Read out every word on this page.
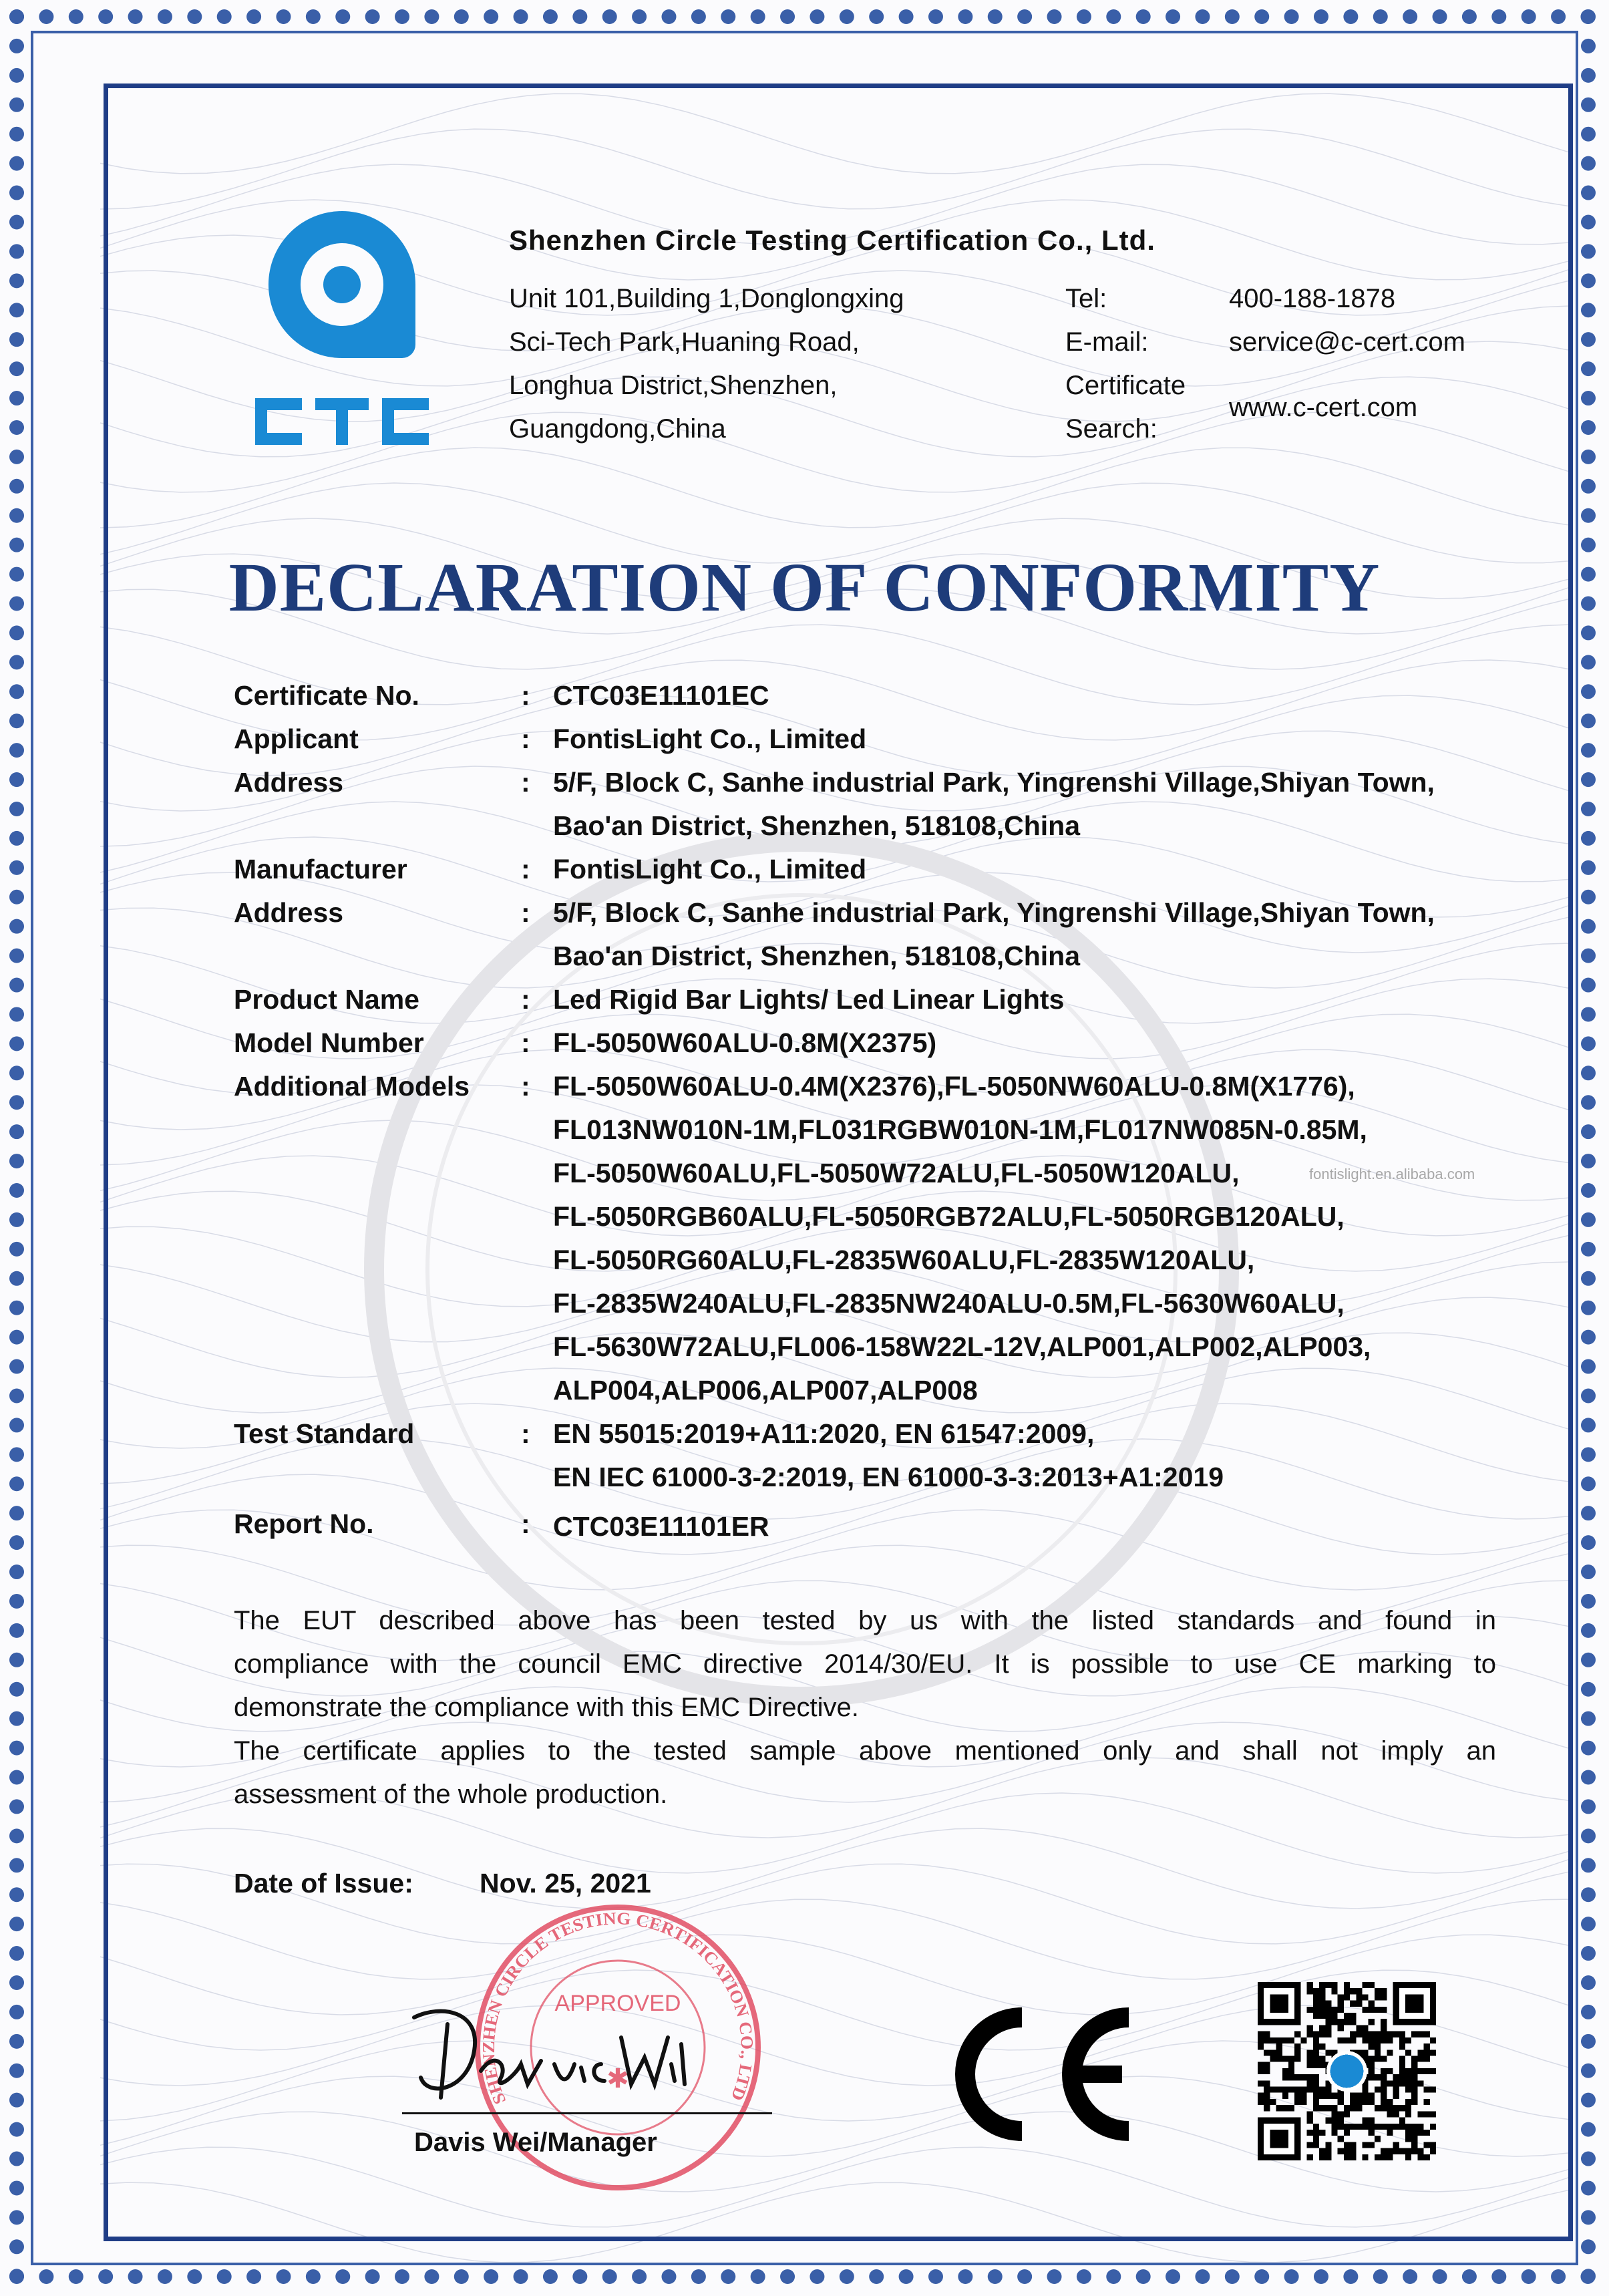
Shenzhen Circle Testing Certification Co., Ltd.
Unit 101,Building 1,Donglongxing
Sci-Tech Park,Huaning Road,
Longhua District,Shenzhen,
Guangdong,China
Tel:	400-188-1878
E-mail:	service@c-cert.com
Certificate
Search:
www.c-cert.com
DECLARATION OF CONFORMITY
Certificate No.	: CTC03E11101EC
Applicant	: FontisLight Co., Limited
Address	: 5/F, Block C, Sanhe industrial Park, Yingrenshi Village,Shiyan Town,
Bao'an District, Shenzhen, 518108,China
Manufacturer	: FontisLight Co., Limited
Address	: 5/F, Block C, Sanhe industrial Park, Yingrenshi Village,Shiyan Town,
Bao'an District, Shenzhen, 518108,China
Product Name	: Led Rigid Bar Lights/ Led Linear Lights
Model Number	: FL-5050W60ALU-0.8M(X2375)
Additional Models : FL-5050W60ALU-0.4M(X2376),FL-5050NW60ALU-0.8M(X1776),
FL013NW010N-1M,FL031RGBW010N-1M,FL017NW085N-0.85M,
FL-5050W60ALU,FL-5050W72ALU,FL-5050W120ALU,
FL-5050RGB60ALU,FL-5050RGB72ALU,FL-5050RGB120ALU,
FL-5050RG60ALU,FL-2835W60ALU,FL-2835W120ALU,
FL-2835W240ALU,FL-2835NW240ALU-0.5M,FL-5630W60ALU,
FL-5630W72ALU,FL006-158W22L-12V,ALP001,ALP002,ALP003,
ALP004,ALP006,ALP007,ALP008
fontislight.en.alibaba.com
Test Standard	: EN 55015:2019+A11:2020, EN 61547:2009,
EN IEC 61000-3-2:2019, EN 61000-3-3:2013+A1:2019
Report No.	: CTC03E11101ER
The EUT described above has been tested by us with the listed standards and found in
compliance with the council EMC directive 2014/30/EU. It is possible to use CE marking to
demonstrate the compliance with this EMC Directive.
The certificate applies to the tested sample above mentioned only and shall not imply an
assessment of the whole production.
Date of Issue: Nov. 25, 2021
SHENZHEN CIRCLE TESTING CERTIFICATION CO., LTD
APPROVED
✱
Davis Wei/Manager
